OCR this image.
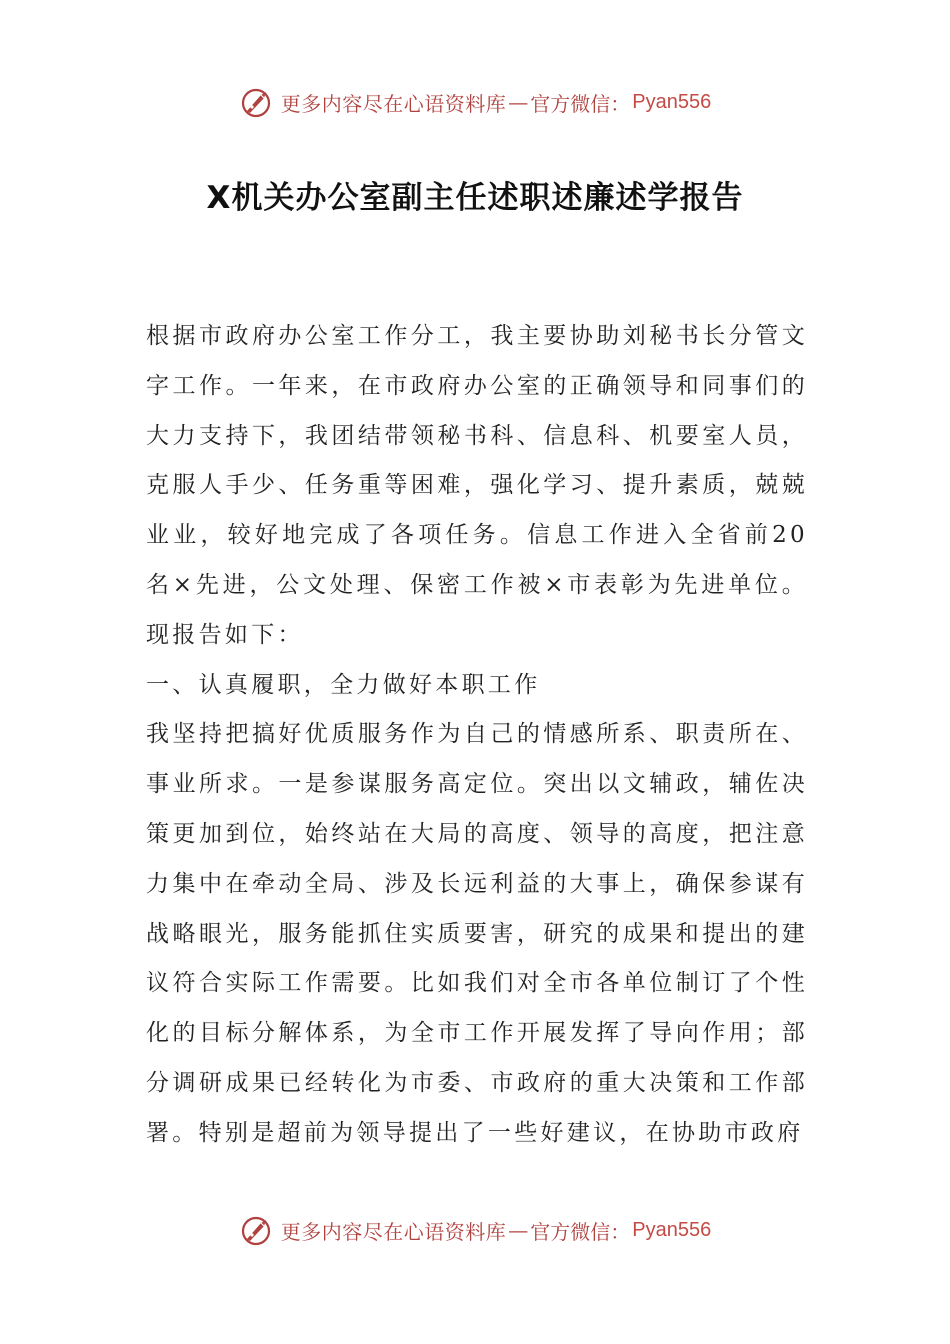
更多内容尽在心语资料库 — 官方微信： Pyan556
X机关办公室副主任述职述廉述学报告

根据市政府办公室工作分工，我主要协助刘秘书长分管文字工作。一年来，在市政府办公室的正确领导和同事们的大力支持下，我团结带领秘书科、信息科、机要室人员，克服人手少、任务重等困难，强化学习、提升素质，兢兢业业，较好地完成了各项任务。信息工作进入全省前20名×先进，公文处理、保密工作被×市表彰为先进单位。现报告如下：

一、认真履职，全力做好本职工作

我坚持把搞好优质服务作为自己的情感所系、职责所在、事业所求。一是参谋服务高定位。突出以文辅政，辅佐决策更加到位，始终站在大局的高度、领导的高度，把注意力集中在牵动全局、涉及长远利益的大事上，确保参谋有战略眼光，服务能抓住实质要害，研究的成果和提出的建议符合实际工作需要。比如我们对全市各单位制订了个性化的目标分解体系，为全市工作开展发挥了导向作用；部分调研成果已经转化为市委、市政府的重大决策和工作部署。特别是超前为领导提出了一些好建议，在协助市政府

更多内容尽在心语资料库 — 官方微信： Pyan556
